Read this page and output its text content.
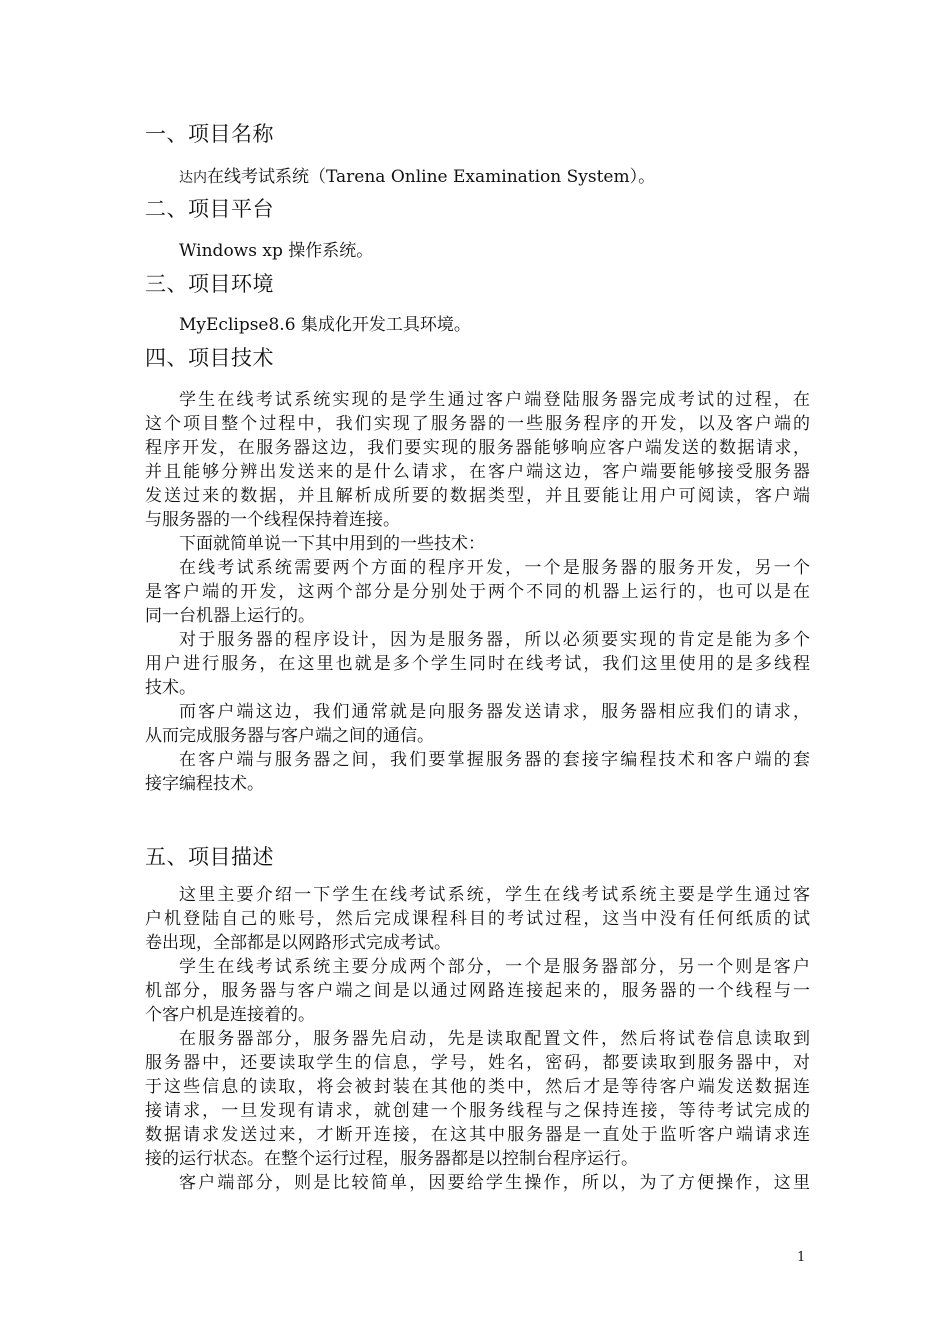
一、项目名称
达内在线考试系统（Tarena Online Examination System）。
二、项目平台
Windows xp 操作系统。
三、项目环境
MyEclipse8.6 集成化开发工具环境。
四、项目技术
学生在线考试系统实现的是学生通过客户端登陆服务器完成考试的过程，在
这个项目整个过程中，我们实现了服务器的一些服务程序的开发，以及客户端的
程序开发，在服务器这边，我们要实现的服务器能够响应客户端发送的数据请求，
并且能够分辨出发送来的是什么请求，在客户端这边，客户端要能够接受服务器
发送过来的数据，并且解析成所要的数据类型，并且要能让用户可阅读，客户端
与服务器的一个线程保持着连接。
下面就简单说一下其中用到的一些技术：
在线考试系统需要两个方面的程序开发，一个是服务器的服务开发，另一个
是客户端的开发，这两个部分是分别处于两个不同的机器上运行的，也可以是在
同一台机器上运行的。
对于服务器的程序设计，因为是服务器，所以必须要实现的肯定是能为多个
用户进行服务，在这里也就是多个学生同时在线考试，我们这里使用的是多线程
技术。
而客户端这边，我们通常就是向服务器发送请求，服务器相应我们的请求，
从而完成服务器与客户端之间的通信。
在客户端与服务器之间，我们要掌握服务器的套接字编程技术和客户端的套
接字编程技术。
五、项目描述
这里主要介绍一下学生在线考试系统，学生在线考试系统主要是学生通过客
户机登陆自己的账号，然后完成课程科目的考试过程，这当中没有任何纸质的试
卷出现，全部都是以网路形式完成考试。
学生在线考试系统主要分成两个部分，一个是服务器部分，另一个则是客户
机部分，服务器与客户端之间是以通过网路连接起来的，服务器的一个线程与一
个客户机是连接着的。
在服务器部分，服务器先启动，先是读取配置文件，然后将试卷信息读取到
服务器中，还要读取学生的信息，学号，姓名，密码，都要读取到服务器中，对
于这些信息的读取，将会被封装在其他的类中，然后才是等待客户端发送数据连
接请求，一旦发现有请求，就创建一个服务线程与之保持连接，等待考试完成的
数据请求发送过来，才断开连接，在这其中服务器是一直处于监听客户端请求连
接的运行状态。在整个运行过程，服务器都是以控制台程序运行。
客户端部分，则是比较简单，因要给学生操作，所以，为了方便操作，这里
1
